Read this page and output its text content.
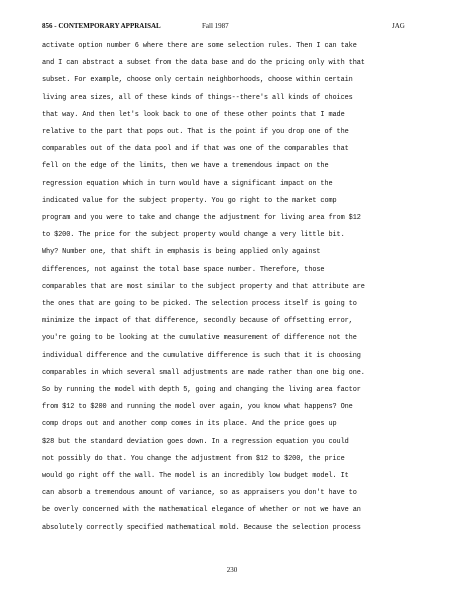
856 - CONTEMPORARY APPRAISAL	Fall 1987	JAG
activate option number 6 where there are some selection rules. Then I can take
and I can abstract a subset from the data base and do the pricing only with that
subset. For example, choose only certain neighborhoods, choose within certain
living area sizes, all of these kinds of things--there's all kinds of choices
that way. And then let's look back to one of these other points that I made
relative to the part that pops out. That is the point if you drop one of the
comparables out of the data pool and if that was one of the comparables that
fell on the edge of the limits, then we have a tremendous impact on the
regression equation which in turn would have a significant impact on the
indicated value for the subject property. You go right to the market comp
program and you were to take and change the adjustment for living area from $12
to $200. The price for the subject property would change a very little bit.
Why? Number one, that shift in emphasis is being applied only against
differences, not against the total base space number. Therefore, those
comparables that are most similar to the subject property and that attribute are
the ones that are going to be picked. The selection process itself is going to
minimize the impact of that difference, secondly because of offsetting error,
you're going to be looking at the cumulative measurement of difference not the
individual difference and the cumulative difference is such that it is choosing
comparables in which several small adjustments are made rather than one big one.
So by running the model with depth 5, going and changing the living area factor
from $12 to $200 and running the model over again, you know what happens? One
comp drops out and another comp comes in its place. And the price goes up
$28 but the standard deviation goes down. In a regression equation you could
not possibly do that. You change the adjustment from $12 to $200, the price
would go right off the wall. The model is an incredibly low budget model. It
can absorb a tremendous amount of variance, so as appraisers you don't have to
be overly concerned with the mathematical elegance of whether or not we have an
absolutely correctly specified mathematical mold. Because the selection process
230
